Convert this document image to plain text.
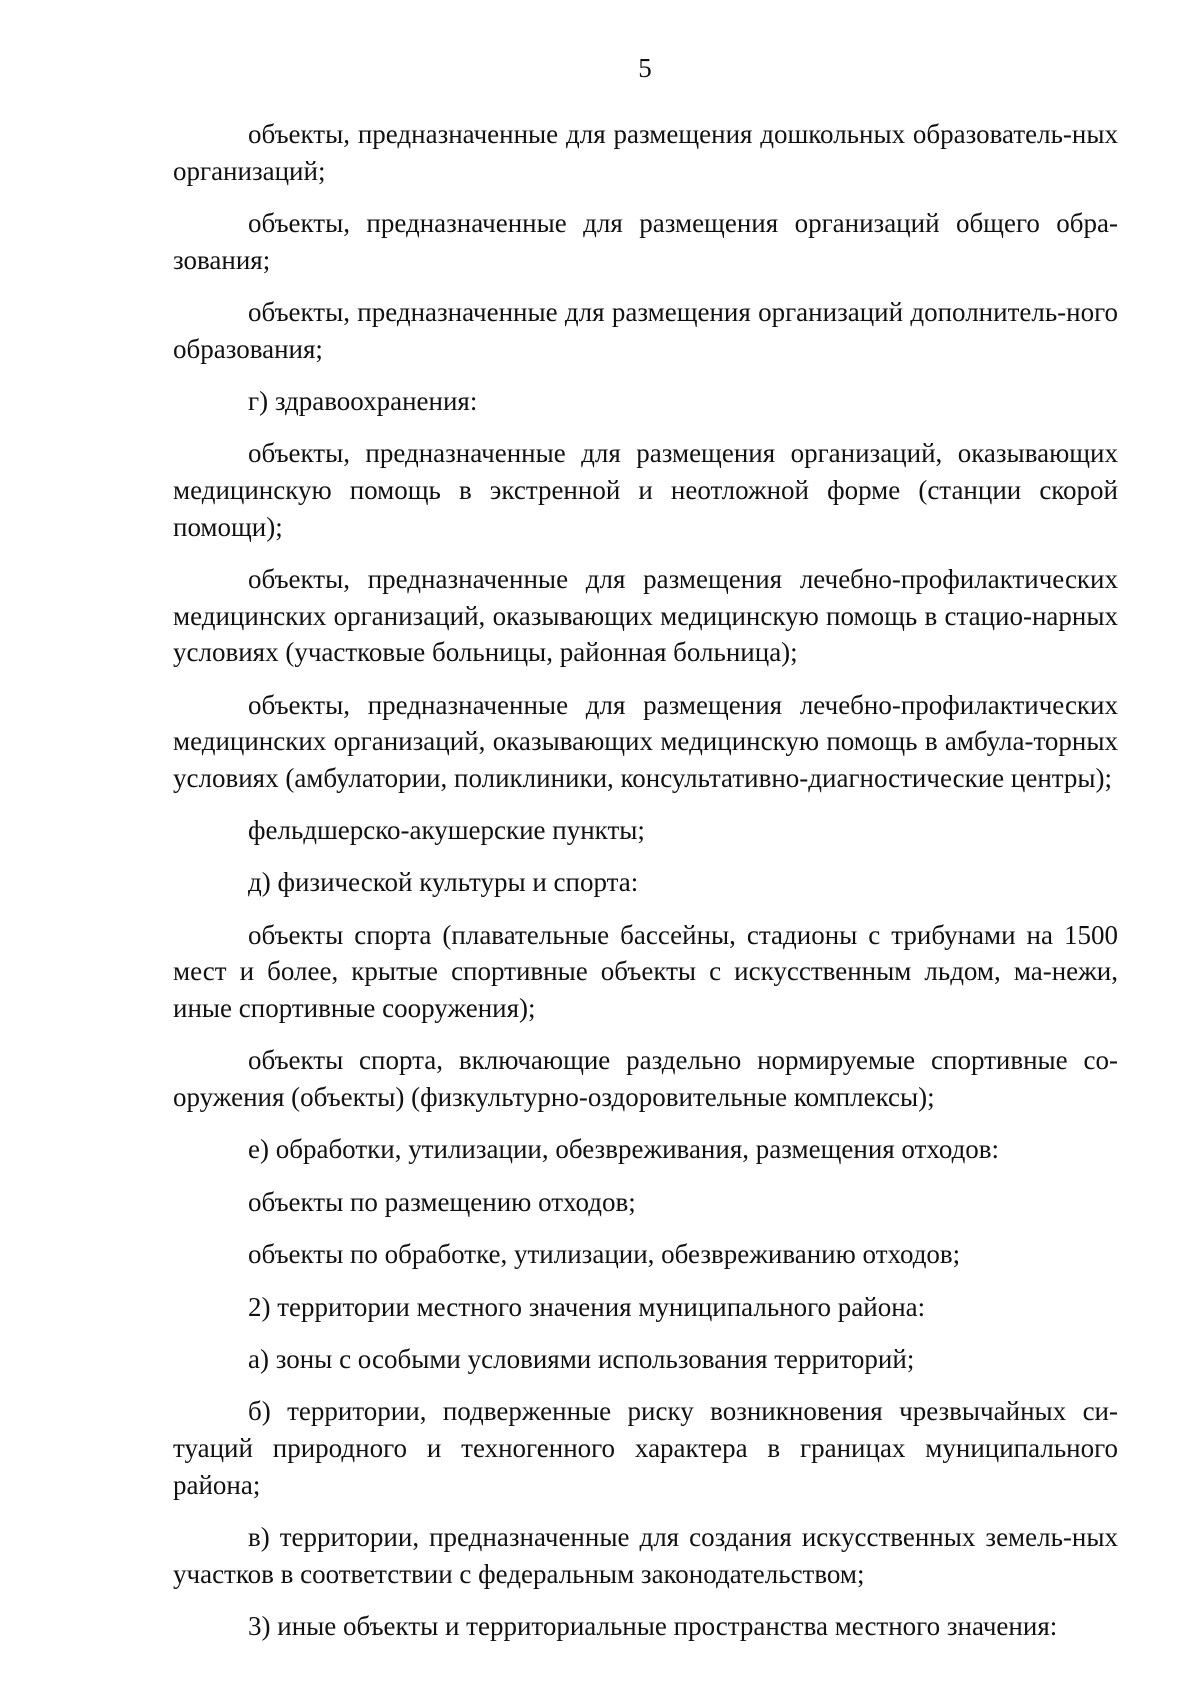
5

объекты, предназначенные для размещения дошкольных образователь-ных организаций;

объекты, предназначенные для размещения организаций общего обра-зования;

объекты, предназначенные для размещения организаций дополнитель-ного образования;

г) здравоохранения:

объекты, предназначенные для размещения организаций, оказывающих медицинскую помощь в экстренной и неотложной форме (станции скорой помощи);

объекты, предназначенные для размещения лечебно-профилактических медицинских организаций, оказывающих медицинскую помощь в стацио-нарных условиях (участковые больницы, районная больница);

объекты, предназначенные для размещения лечебно-профилактических медицинских организаций, оказывающих медицинскую помощь в амбула-торных условиях (амбулатории, поликлиники, консультативно-диагностические центры);

фельдшерско-акушерские пункты;

д) физической культуры и спорта:

объекты спорта (плавательные бассейны, стадионы с трибунами на 1500 мест и более, крытые спортивные объекты с искусственным льдом, ма-нежи, иные спортивные сооружения);

объекты спорта, включающие раздельно нормируемые спортивные со-оружения (объекты) (физкультурно-оздоровительные комплексы);

е) обработки, утилизации, обезвреживания, размещения отходов:

объекты по размещению отходов;

объекты по обработке, утилизации, обезвреживанию отходов;

2) территории местного значения муниципального района:

а) зоны с особыми условиями использования территорий;

б) территории, подверженные риску возникновения чрезвычайных си-туаций природного и техногенного характера в границах муниципального района;

в) территории, предназначенные для создания искусственных земель-ных участков в соответствии с федеральным законодательством;

3) иные объекты и территориальные пространства местного значения:
